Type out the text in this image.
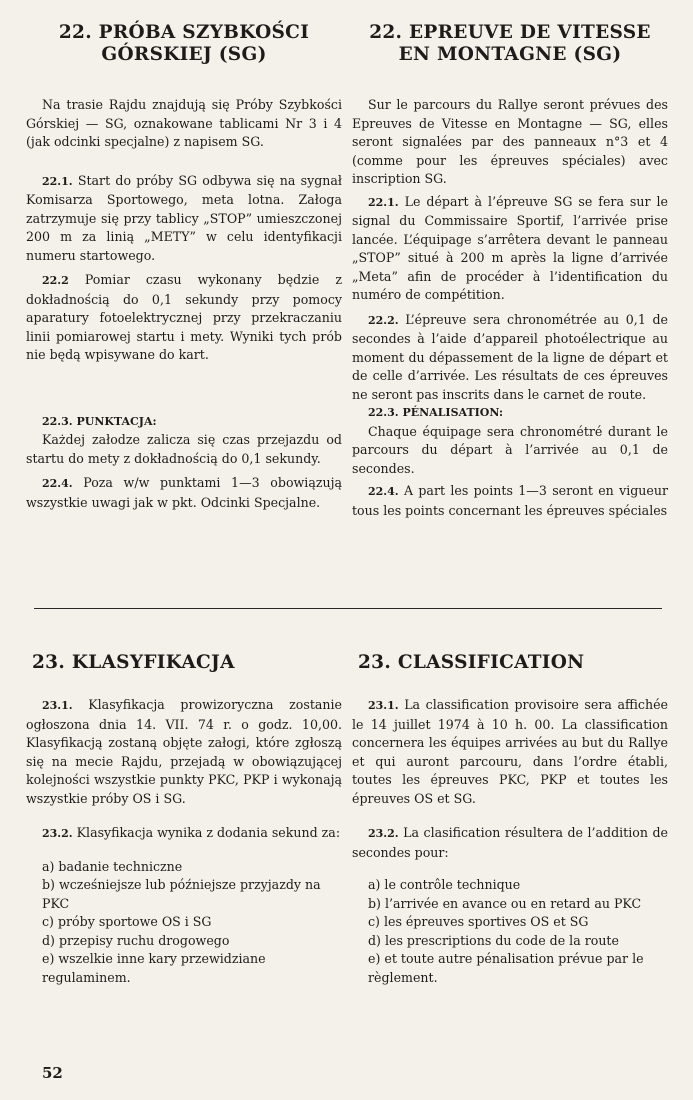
22. PRÓBA SZYBKOŚCI
GÓRSKIEJ (SG)

Na trasie Rajdu znajdują się Próby Szybkości Górskiej — SG, oznakowane tablicami Nr 3 i 4 (jak odcinki specjalne) z napisem SG.

22.1. Start do próby SG odbywa się na sygnał Komisarza Sportowego, meta lotna. Załoga zatrzymuje się przy tablicy „STOP” umieszczonej 200 m za linią „METY” w celu identyfikacji numeru startowego.

22.2 Pomiar czasu wykonany będzie z dokładnością do 0,1 sekundy przy pomocy aparatury fotoelektrycznej przy przekraczaniu linii pomiarowej startu i mety. Wyniki tych prób nie będą wpisywane do kart.

22.3. PUNKTACJA:

Każdej załodze zalicza się czas przejazdu od startu do mety z dokładnością do 0,1 sekundy.

22.4. Poza w/w punktami 1—3 obowiązują wszystkie uwagi jak w pkt. Odcinki Specjalne.

22. EPREUVE DE VITESSE
EN MONTAGNE (SG)

Sur le parcours du Rallye seront prévues des Epreuves de Vitesse en Montagne — SG, elles seront signalées par des panneaux n°3 et 4 (comme pour les épreuves spéciales) avec inscription SG.

22.1. Le départ à l’épreuve SG se fera sur le signal du Commissaire Sportif, l’arrivée prise lancée. L’équipage s’arrêtera devant le panneau „STOP” situé à 200 m après la ligne d’arrivée „Meta” afin de procéder à l’identification du numéro de compétition.

22.2. L’épreuve sera chronométrée au 0,1 de secondes à l’aide d’appareil photoélectrique au moment du dépassement de la ligne de départ et de celle d’arrivée. Les résultats de ces épreuves ne seront pas inscrits dans le carnet de route.

22.3. PÉNALISATION:

Chaque équipage sera chronométré durant le parcours du départ à l’arrivée au 0,1 de secondes.

22.4. A part les points 1—3 seront en vigueur tous les points concernant les épreuves spéciales

23. KLASYFIKACJA

23.1. Klasyfikacja prowizoryczna zostanie ogłoszona dnia 14. VII. 74 r. o godz. 10,00. Klasyfikacją zostaną objęte załogi, które zgłoszą się na mecie Rajdu, przejadą w obowiązującej kolejności wszystkie punkty PKC, PKP i wykonają wszystkie próby OS i SG.

23.2. Klasyfikacja wynika z dodania sekund za:

a) badanie techniczne
b) wcześniejsze lub późniejsze przyjazdy na PKC
c) próby sportowe OS i SG
d) przepisy ruchu drogowego
e) wszelkie inne kary przewidziane regulaminem.
23. CLASSIFICATION

23.1. La classification provisoire sera affichée le 14 juillet 1974 à 10 h. 00. La classification concernera les équipes arrivées au but du Rallye et qui auront parcouru, dans l’ordre établi, toutes les épreuves PKC, PKP et toutes les épreuves OS et SG.

23.2. La clasification résultera de l’addition de secondes pour:

a) le contrôle technique
b) l’arrivée en avance ou en retard au PKC
c) les épreuves sportives OS et SG
d) les prescriptions du code de la route
e) et toute autre pénalisation prévue par le règlement.
52
